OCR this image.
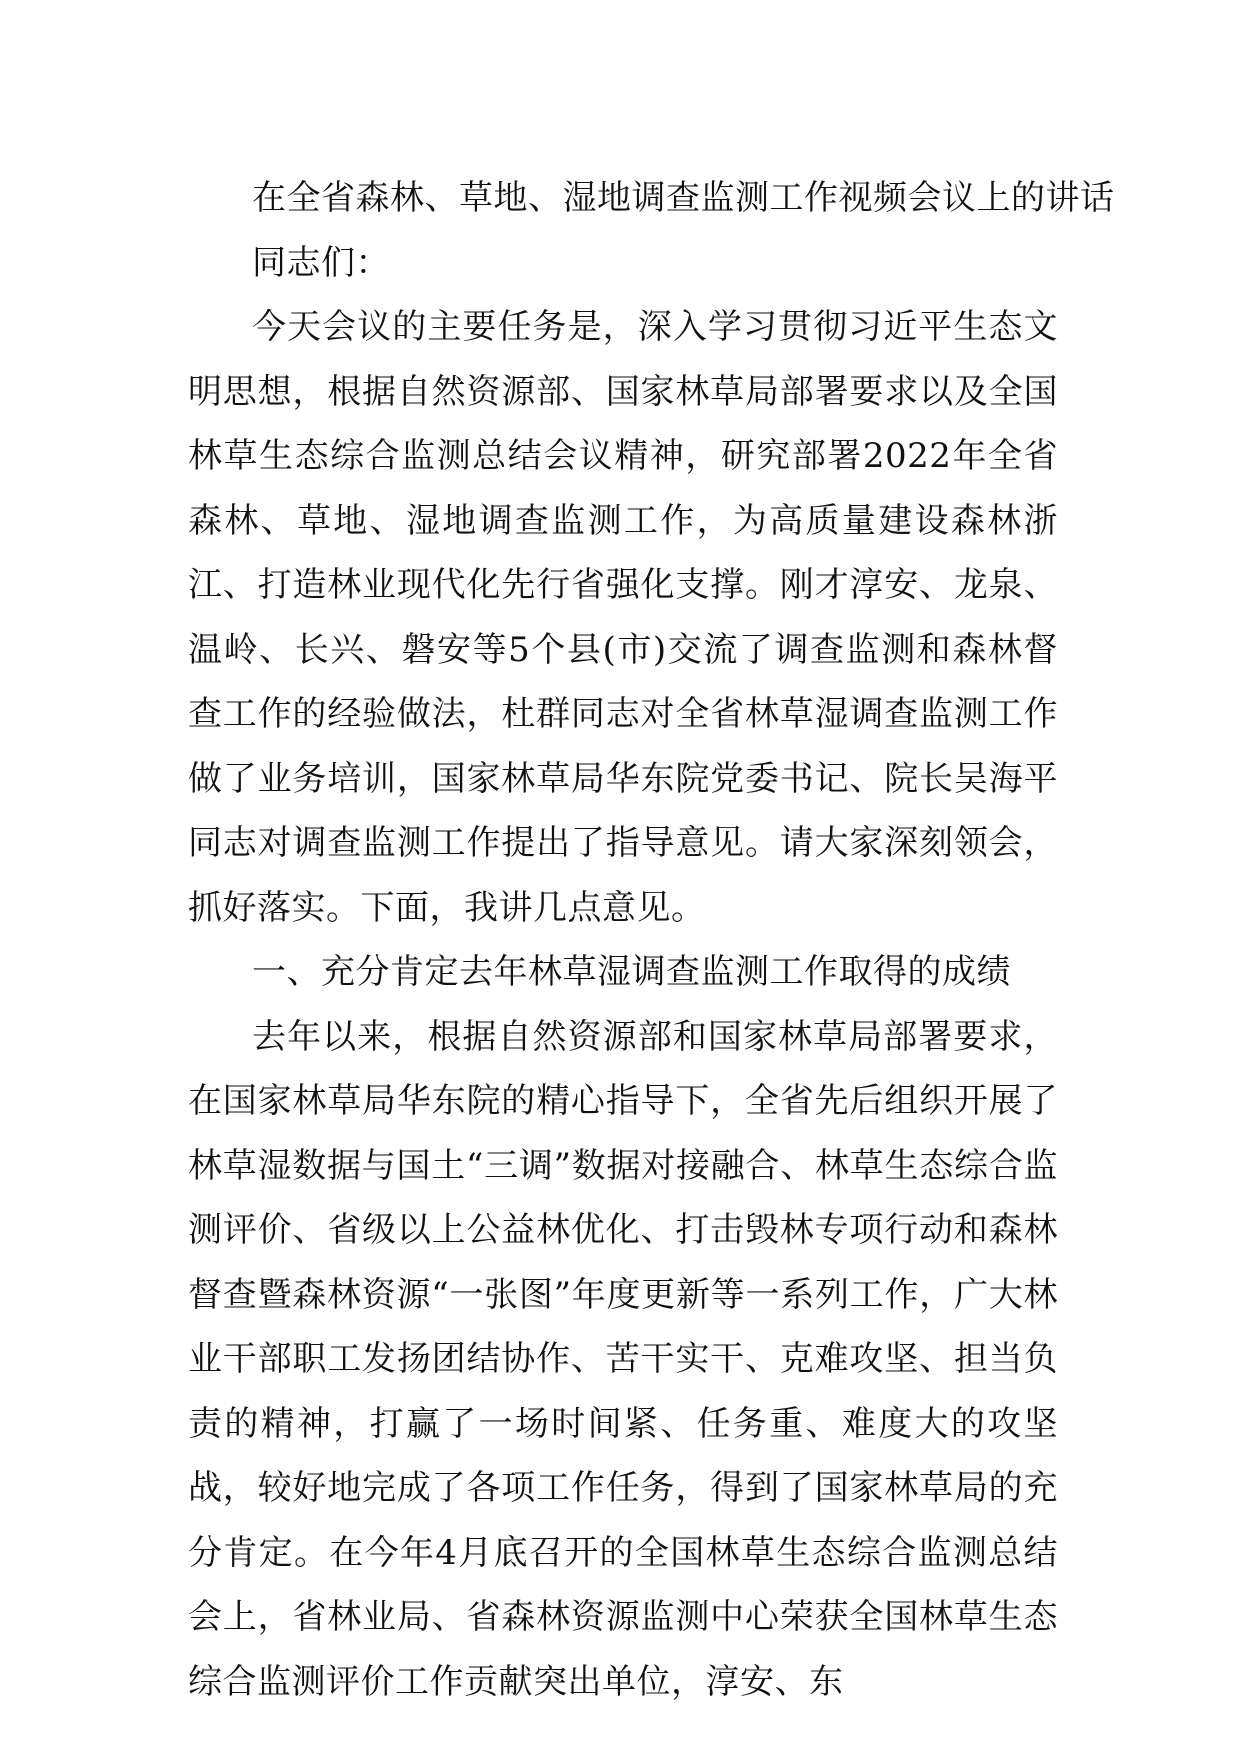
在全省森林、草地、湿地调查监测工作视频会议上的讲话

同志们：

今天会议的主要任务是，深入学习贯彻习近平生态文明思想，根据自然资源部、国家林草局部署要求以及全国林草生态综合监测总结会议精神，研究部署2022年全省森林、草地、湿地调查监测工作，为高质量建设森林浙江、打造林业现代化先行省强化支撑。刚才淳安、龙泉、温岭、长兴、磐安等5个县(市)交流了调查监测和森林督查工作的经验做法，杜群同志对全省林草湿调查监测工作做了业务培训，国家林草局华东院党委书记、院长吴海平同志对调查监测工作提出了指导意见。请大家深刻领会，抓好落实。下面，我讲几点意见。

一、充分肯定去年林草湿调查监测工作取得的成绩

去年以来，根据自然资源部和国家林草局部署要求，在国家林草局华东院的精心指导下，全省先后组织开展了林草湿数据与国土“三调”数据对接融合、林草生态综合监测评价、省级以上公益林优化、打击毁林专项行动和森林督查暨森林资源“一张图”年度更新等一系列工作，广大林业干部职工发扬团结协作、苦干实干、克难攻坚、担当负责的精神，打赢了一场时间紧、任务重、难度大的攻坚战，较好地完成了各项工作任务，得到了国家林草局的充分肯定。在今年4月底召开的全国林草生态综合监测总结会上，省林业局、省森林资源监测中心荣获全国林草生态综合监测评价工作贡献突出单位，淳安、东
